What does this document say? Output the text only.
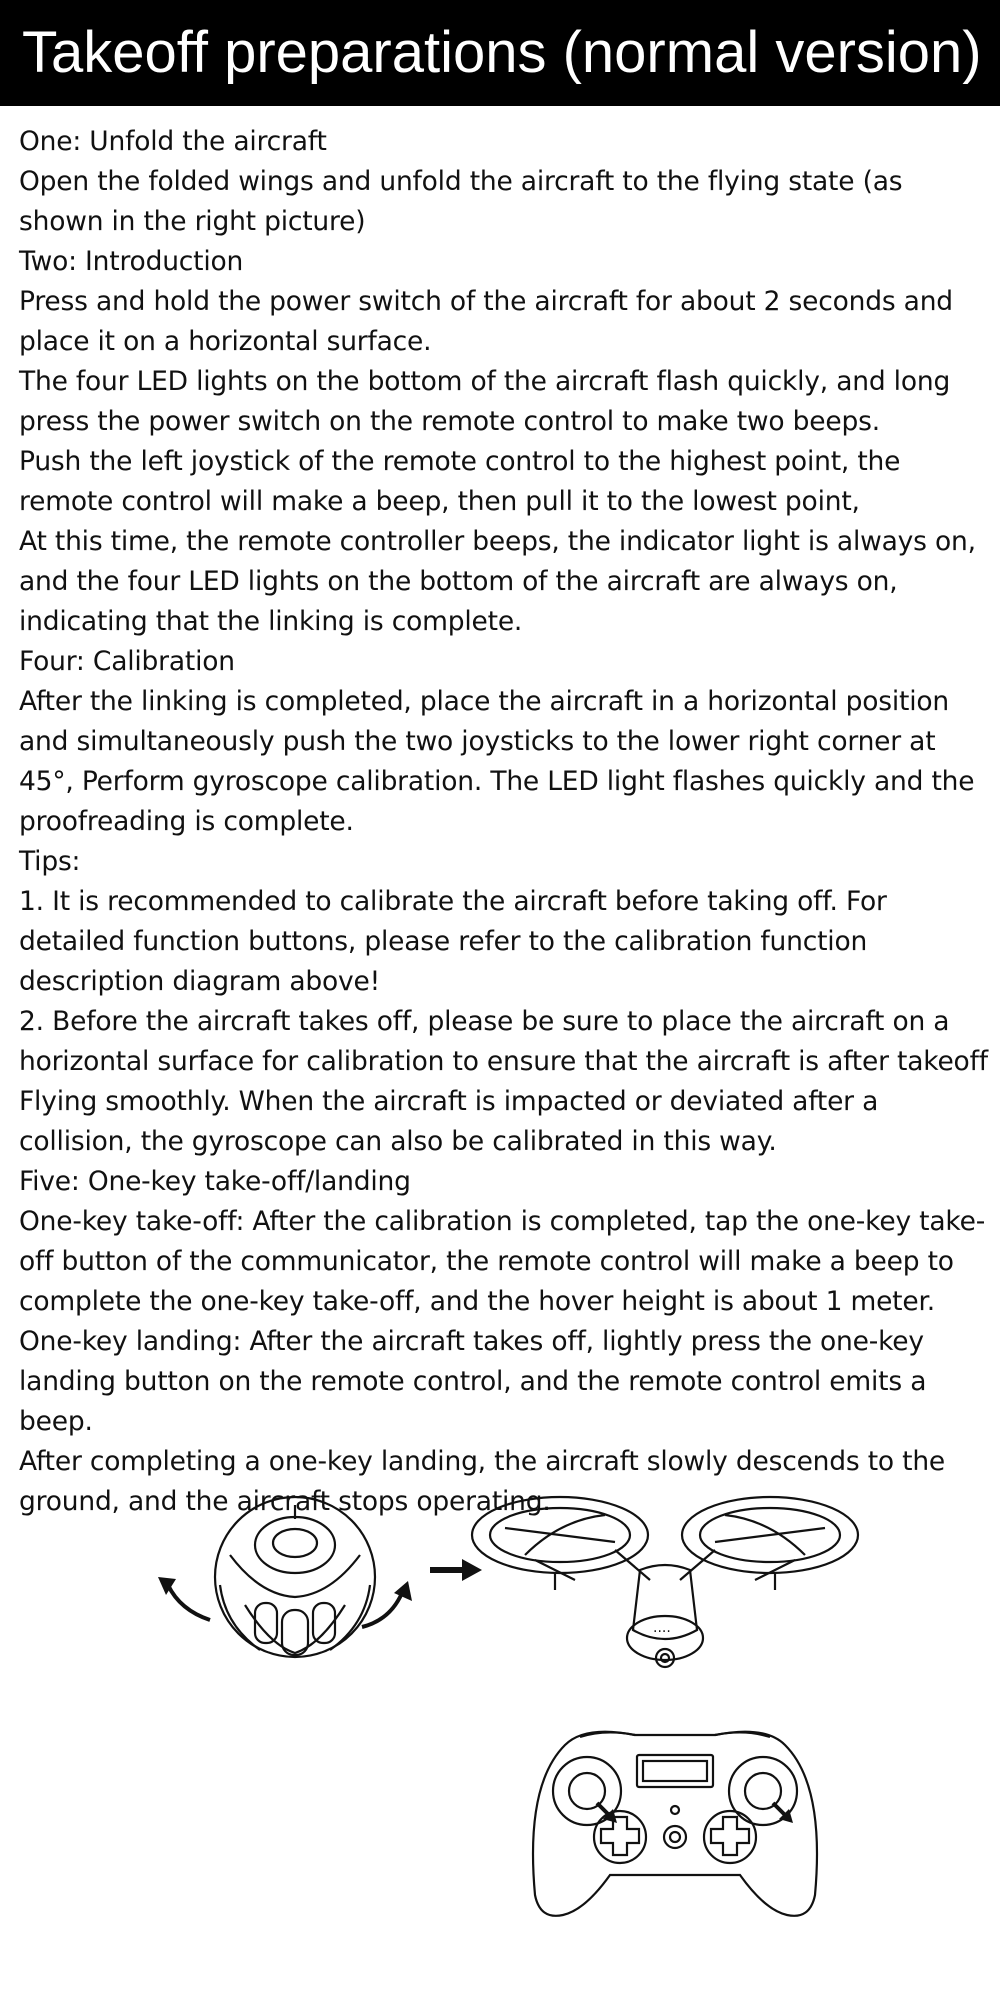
Takeoff preparations (normal version)

One: Unfold the aircraft

Open the folded wings and unfold the aircraft to the flying state (as shown in the right picture)

Two: Introduction

Press and hold the power switch of the aircraft for about 2 seconds and place it on a horizontal surface.

The four LED lights on the bottom of the aircraft flash quickly, and long press the power switch on the remote control to make two beeps.

Push the left joystick of the remote control to the highest point, the remote control will make a beep, then pull it to the lowest point,

At this time, the remote controller beeps, the indicator light is always on, and the four LED lights on the bottom of the aircraft are always on, indicating that the linking is complete.

Four: Calibration

After the linking is completed, place the aircraft in a horizontal position and simultaneously push the two joysticks to the lower right corner at 45°, Perform gyroscope calibration. The LED light flashes quickly and the proofreading is complete.

Tips:

1. It is recommended to calibrate the aircraft before taking off. For detailed function buttons, please refer to the calibration function description diagram above!

2. Before the aircraft takes off, please be sure to place the aircraft on a horizontal surface for calibration to ensure that the aircraft is after takeoff Flying smoothly. When the aircraft is impacted or deviated after a collision, the gyroscope can also be calibrated in this way.

Five: One-key take-off/landing

One-key take-off: After the calibration is completed, tap the one-key take-off button of the communicator, the remote control will make a beep to complete the one-key take-off, and the hover height is about 1 meter.

One-key landing: After the aircraft takes off, lightly press the one-key landing button on the remote control, and the remote control emits a beep.

After completing a one-key landing, the aircraft slowly descends to the ground, and the aircraft stops operating.

....
